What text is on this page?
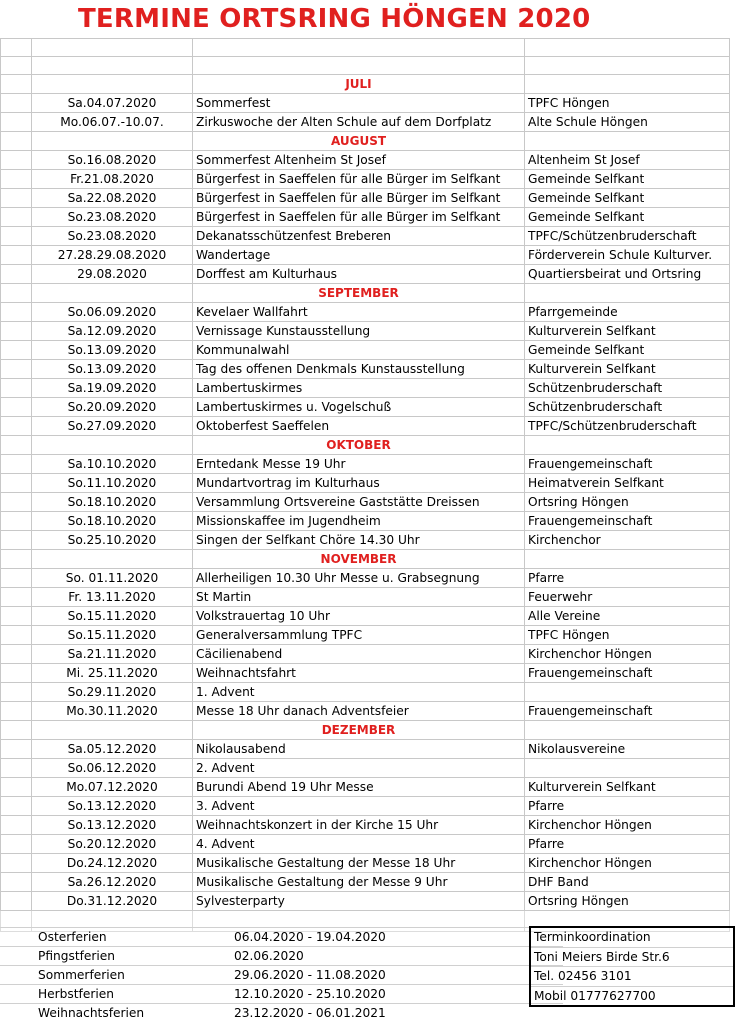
TERMINE ORTSRING HÖNGEN 2020

		JULI	
	Sa.04.07.2020	Sommerfest	TPFC Höngen
	Mo.06.07.-10.07.	Zirkuswoche der Alten Schule auf dem Dorfplatz	Alte Schule Höngen
		AUGUST	
	So.16.08.2020	Sommerfest Altenheim St Josef	Altenheim St Josef
	Fr.21.08.2020	Bürgerfest in Saeffelen für alle Bürger im Selfkant	Gemeinde Selfkant
	Sa.22.08.2020	Bürgerfest in Saeffelen für alle Bürger im Selfkant	Gemeinde Selfkant
	So.23.08.2020	Bürgerfest in Saeffelen für alle Bürger im Selfkant	Gemeinde Selfkant
	So.23.08.2020	Dekanatsschützenfest Breberen	TPFC/Schützenbruderschaft
	27.28.29.08.2020	Wandertage	Förderverein Schule Kulturver.
	29.08.2020	Dorffest am Kulturhaus	Quartiersbeirat und Ortsring
		SEPTEMBER	
	So.06.09.2020	Kevelaer Wallfahrt	Pfarrgemeinde
	Sa.12.09.2020	Vernissage Kunstausstellung	Kulturverein Selfkant
	So.13.09.2020	Kommunalwahl	Gemeinde Selfkant
	So.13.09.2020	Tag des offenen Denkmals Kunstausstellung	Kulturverein Selfkant
	Sa.19.09.2020	Lambertuskirmes	Schützenbruderschaft
	So.20.09.2020	Lambertuskirmes u. Vogelschuß	Schützenbruderschaft
	So.27.09.2020	Oktoberfest Saeffelen	TPFC/Schützenbruderschaft
		OKTOBER	
	Sa.10.10.2020	Erntedank Messe 19 Uhr	Frauengemeinschaft
	So.11.10.2020	Mundartvortrag im Kulturhaus	Heimatverein Selfkant
	So.18.10.2020	Versammlung Ortsvereine Gaststätte Dreissen	Ortsring Höngen
	So.18.10.2020	Missionskaffee im Jugendheim	Frauengemeinschaft
	So.25.10.2020	Singen der Selfkant Chöre 14.30 Uhr	Kirchenchor
		NOVEMBER	
	So. 01.11.2020	Allerheiligen 10.30 Uhr Messe u. Grabsegnung	Pfarre
	Fr. 13.11.2020	St Martin	Feuerwehr
	So.15.11.2020	Volkstrauertag 10 Uhr	Alle Vereine
	So.15.11.2020	Generalversammlung TPFC	TPFC Höngen
	Sa.21.11.2020	Cäcilienabend	Kirchenchor Höngen
	Mi. 25.11.2020	Weihnachtsfahrt	Frauengemeinschaft
	So.29.11.2020	1. Advent	
	Mo.30.11.2020	Messe 18 Uhr danach Adventsfeier	Frauengemeinschaft
		DEZEMBER	
	Sa.05.12.2020	Nikolausabend	Nikolausvereine
	So.06.12.2020	2. Advent	
	Mo.07.12.2020	Burundi Abend 19 Uhr Messe	Kulturverein Selfkant
	So.13.12.2020	3. Advent	Pfarre
	So.13.12.2020	Weihnachtskonzert in der Kirche 15 Uhr	Kirchenchor Höngen
	So.20.12.2020	4. Advent	Pfarre
	Do.24.12.2020	Musikalische Gestaltung der Messe 18 Uhr	Kirchenchor Höngen
	Sa.26.12.2020	Musikalische Gestaltung der Messe 9 Uhr	DHF Band
	Do.31.12.2020	Sylvesterparty	Ortsring Höngen

Osterferien	06.04.2020 - 19.04.2020
Pfingstferien	02.06.2020
Sommerferien	29.06.2020 - 11.08.2020
Herbstferien	12.10.2020 - 25.10.2020
Weihnachtsferien	23.12.2020 - 06.01.2021
Terminkoordination
Toni Meiers Birde Str.6
Tel. 02456 3101
Mobil 01777627700
